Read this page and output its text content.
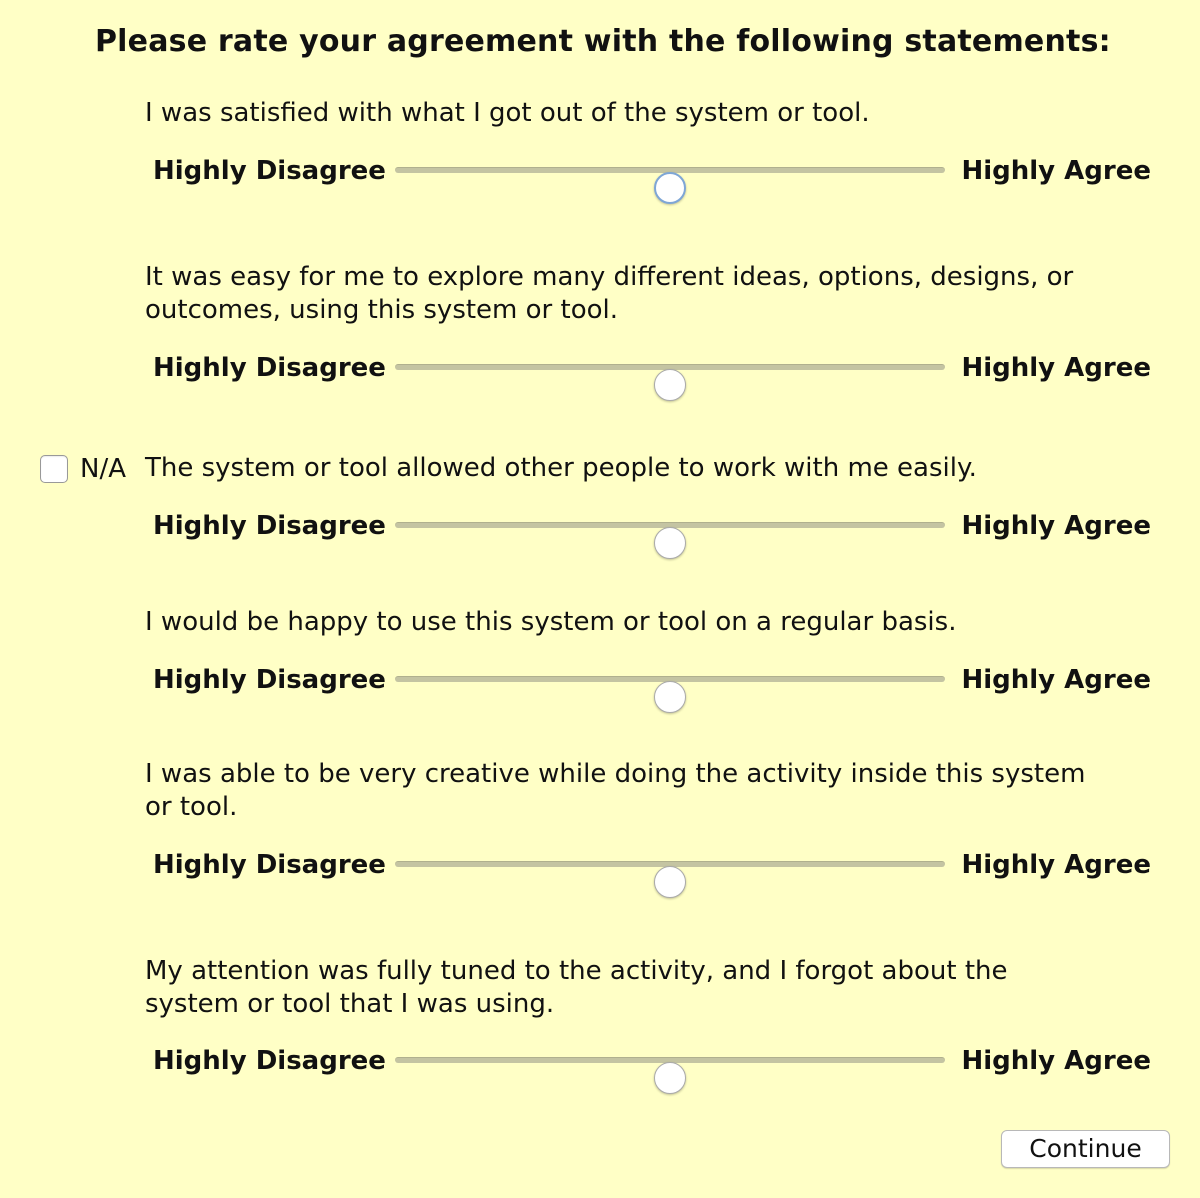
Please rate your agreement with the following statements:
I was satisfied with what I got out of the system or tool.
Highly Disagree	Highly Agree
It was easy for me to explore many different ideas, options, designs, or outcomes, using this system or tool.
Highly Disagree	Highly Agree
N/A The system or tool allowed other people to work with me easily.
Highly Disagree	Highly Agree
I would be happy to use this system or tool on a regular basis.
Highly Disagree	Highly Agree
I was able to be very creative while doing the activity inside this system or tool.
Highly Disagree	Highly Agree
My attention was fully tuned to the activity, and I forgot about the system or tool that I was using.
Highly Disagree	Highly Agree
Continue
